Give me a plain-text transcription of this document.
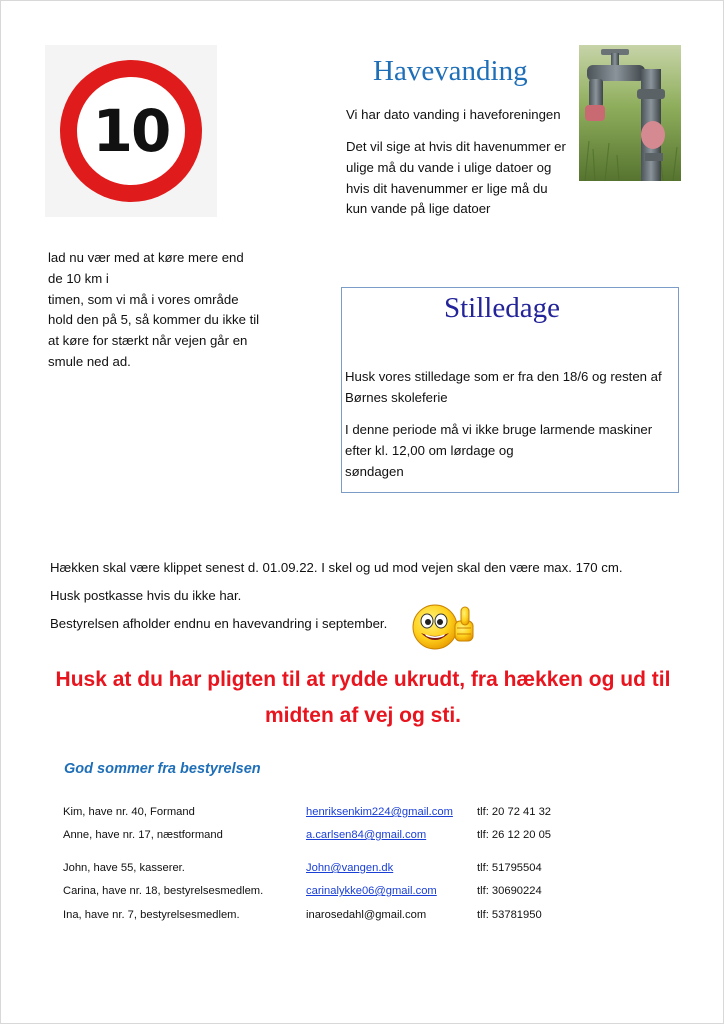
10
Havevanding
Vi har dato vanding i haveforeningen
Det vil sige at hvis dit havenummer er
ulige må du vande i ulige datoer og
hvis dit havenummer er lige må du
kun vande på lige datoer
lad nu vær med at køre mere end
de 10 km i
timen, som vi må i vores område
hold den på 5, så kommer du ikke til
at køre for stærkt når vejen går en
smule ned ad.
Stilledage
Husk vores stilledage som er fra den 18/6 og resten af
Børnes skoleferie
I denne periode må vi ikke bruge larmende maskiner
efter kl. 12,00 om lørdage og
søndagen
Hækken skal være klippet senest d. 01.09.22. I skel og ud mod vejen skal den være max. 170 cm.
Husk postkasse hvis du ikke har.
Bestyrelsen afholder endnu en havevandring i september.
Husk at du har pligten til at rydde ukrudt, fra hækken og ud til
midten af vej og sti.
God sommer fra bestyrelsen
Kim, have nr. 40, Formand	henriksenkim224@gmail.com tlf: 20 72 41 32
Anne, have nr. 17, næstformand	a.carlsen84@gmail.com	tlf: 26 12 20 05
John, have 55, kasserer.	John@vangen.dk	tlf: 51795504
Carina, have nr. 18, bestyrelsesmedlem.	carinalykke06@gmail.com	tlf: 30690224
Ina, have nr. 7, bestyrelsesmedlem.	inarosedahl@gmail.com	tlf: 53781950
